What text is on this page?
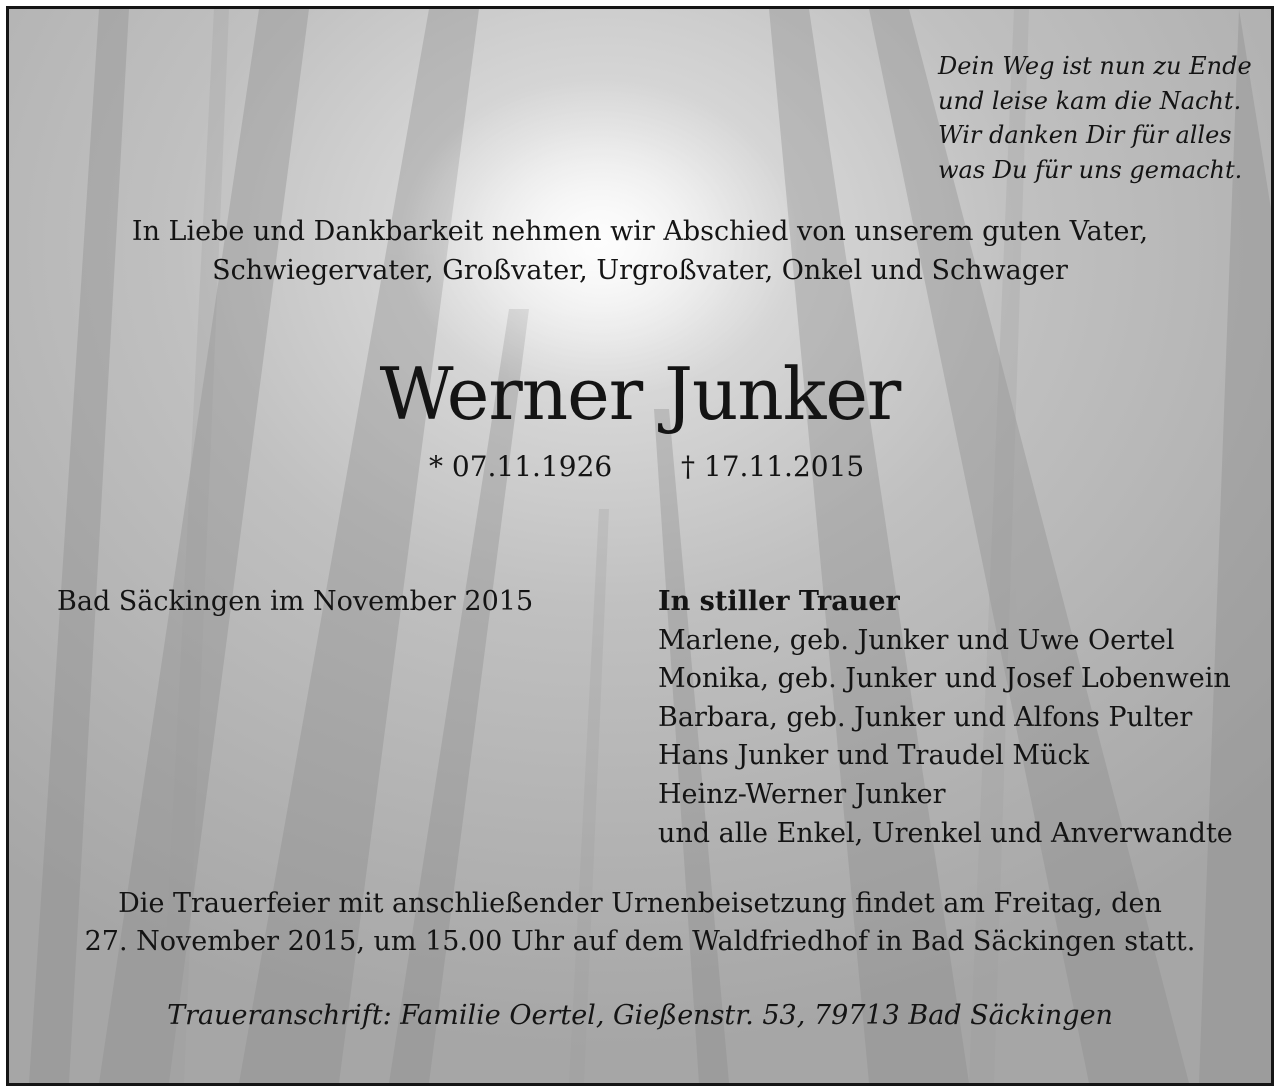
Dein Weg ist nun zu Ende
und leise kam die Nacht.
Wir danken Dir für alles
was Du für uns gemacht.
In Liebe und Dankbarkeit nehmen wir Abschied von unserem guten Vater,
Schwiegervater, Großvater, Urgroßvater, Onkel und Schwager
Werner Junker
* 07.11.1926 † 17.11.2015
Bad Säckingen im November 2015	In stiller Trauer
Marlene, geb. Junker und Uwe Oertel
Monika, geb. Junker und Josef Lobenwein
Barbara, geb. Junker und Alfons Pulter
Hans Junker und Traudel Mück
Heinz-Werner Junker
und alle Enkel, Urenkel und Anverwandte
Die Trauerfeier mit anschließender Urnenbeisetzung findet am Freitag, den
27. November 2015, um 15.00 Uhr auf dem Waldfriedhof in Bad Säckingen statt.
Traueranschrift: Familie Oertel, Gießenstr. 53, 79713 Bad Säckingen
